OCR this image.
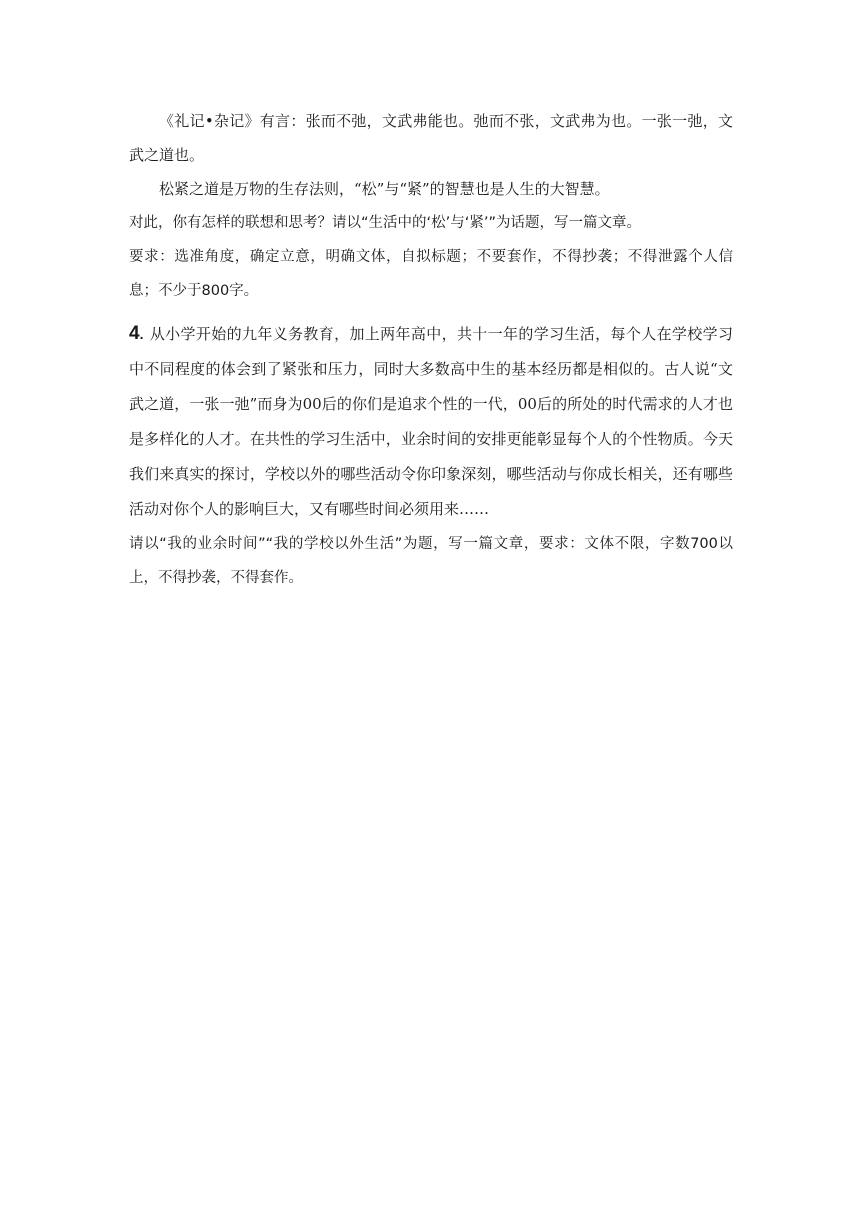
《礼记•杂记》有言：张而不弛，文武弗能也。弛而不张，文武弗为也。一张一弛，文武之道也。

松紧之道是万物的生存法则，“松”与“紧”的智慧也是人生的大智慧。

对此，你有怎样的联想和思考？请以“生活中的‘松’与‘紧’”为话题，写一篇文章。

要求：选准角度，确定立意，明确文体，自拟标题；不要套作，不得抄袭；不得泄露个人信息；不少于800字。

4. 从小学开始的九年义务教育，加上两年高中，共十一年的学习生活，每个人在学校学习中不同程度的体会到了紧张和压力，同时大多数高中生的基本经历都是相似的。古人说“文武之道，一张一弛”而身为00后的你们是追求个性的一代，00后的所处的时代需求的人才也是多样化的人才。在共性的学习生活中，业余时间的安排更能彰显每个人的个性物质。今天我们来真实的探讨，学校以外的哪些活动令你印象深刻，哪些活动与你成长相关，还有哪些活动对你个人的影响巨大，又有哪些时间必须用来……

请以“我的业余时间”“我的学校以外生活”为题，写一篇文章，要求：文体不限，字数700以上，不得抄袭，不得套作。
